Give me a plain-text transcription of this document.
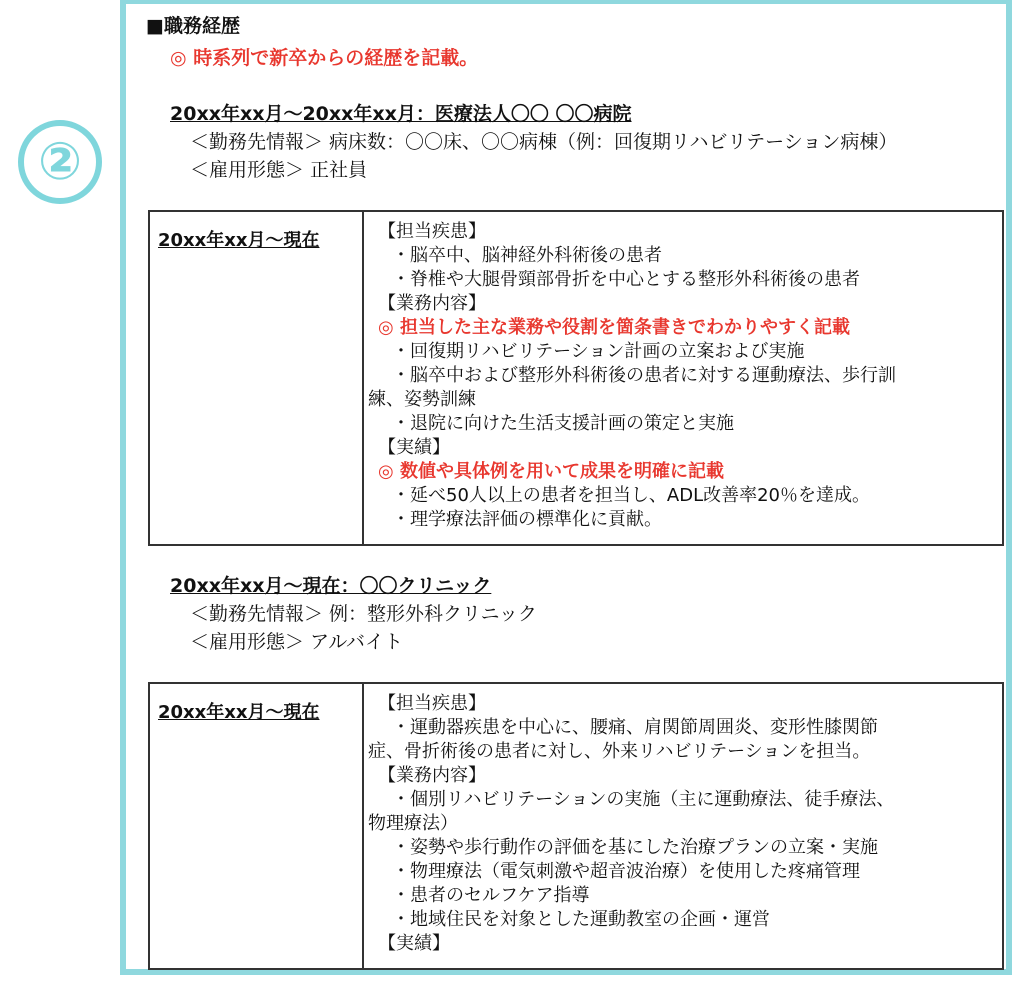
②
■職務経歴
◎ 時系列で新卒からの経歴を記載。
20xx年xx月〜20xx年xx月：医療法人〇〇 〇〇病院
＜勤務先情報＞ 病床数：〇〇床、〇〇病棟（例：回復期リハビリテーション病棟）
＜雇用形態＞ 正社員
20xx年xx月〜現在	【担当疾患】
・脳卒中、脳神経外科術後の患者
・脊椎や大腿骨頸部骨折を中心とする整形外科術後の患者
【業務内容】
◎ 担当した主な業務や役割を箇条書きでわかりやすく記載
・回復期リハビリテーション計画の立案および実施
・脳卒中および整形外科術後の患者に対する運動療法、歩行訓
練、姿勢訓練
・退院に向けた生活支援計画の策定と実施
【実績】
◎ 数値や具体例を用いて成果を明確に記載
・延べ50人以上の患者を担当し、ADL改善率20％を達成。
・理学療法評価の標準化に貢献。
20xx年xx月〜現在：〇〇クリニック
＜勤務先情報＞ 例：整形外科クリニック
＜雇用形態＞ アルバイト
20xx年xx月〜現在	【担当疾患】
・運動器疾患を中心に、腰痛、肩関節周囲炎、変形性膝関節
症、骨折術後の患者に対し、外来リハビリテーションを担当。
【業務内容】
・個別リハビリテーションの実施（主に運動療法、徒手療法、
物理療法）
・姿勢や歩行動作の評価を基にした治療プランの立案・実施
・物理療法（電気刺激や超音波治療）を使用した疼痛管理
・患者のセルフケア指導
・地域住民を対象とした運動教室の企画・運営
【実績】
